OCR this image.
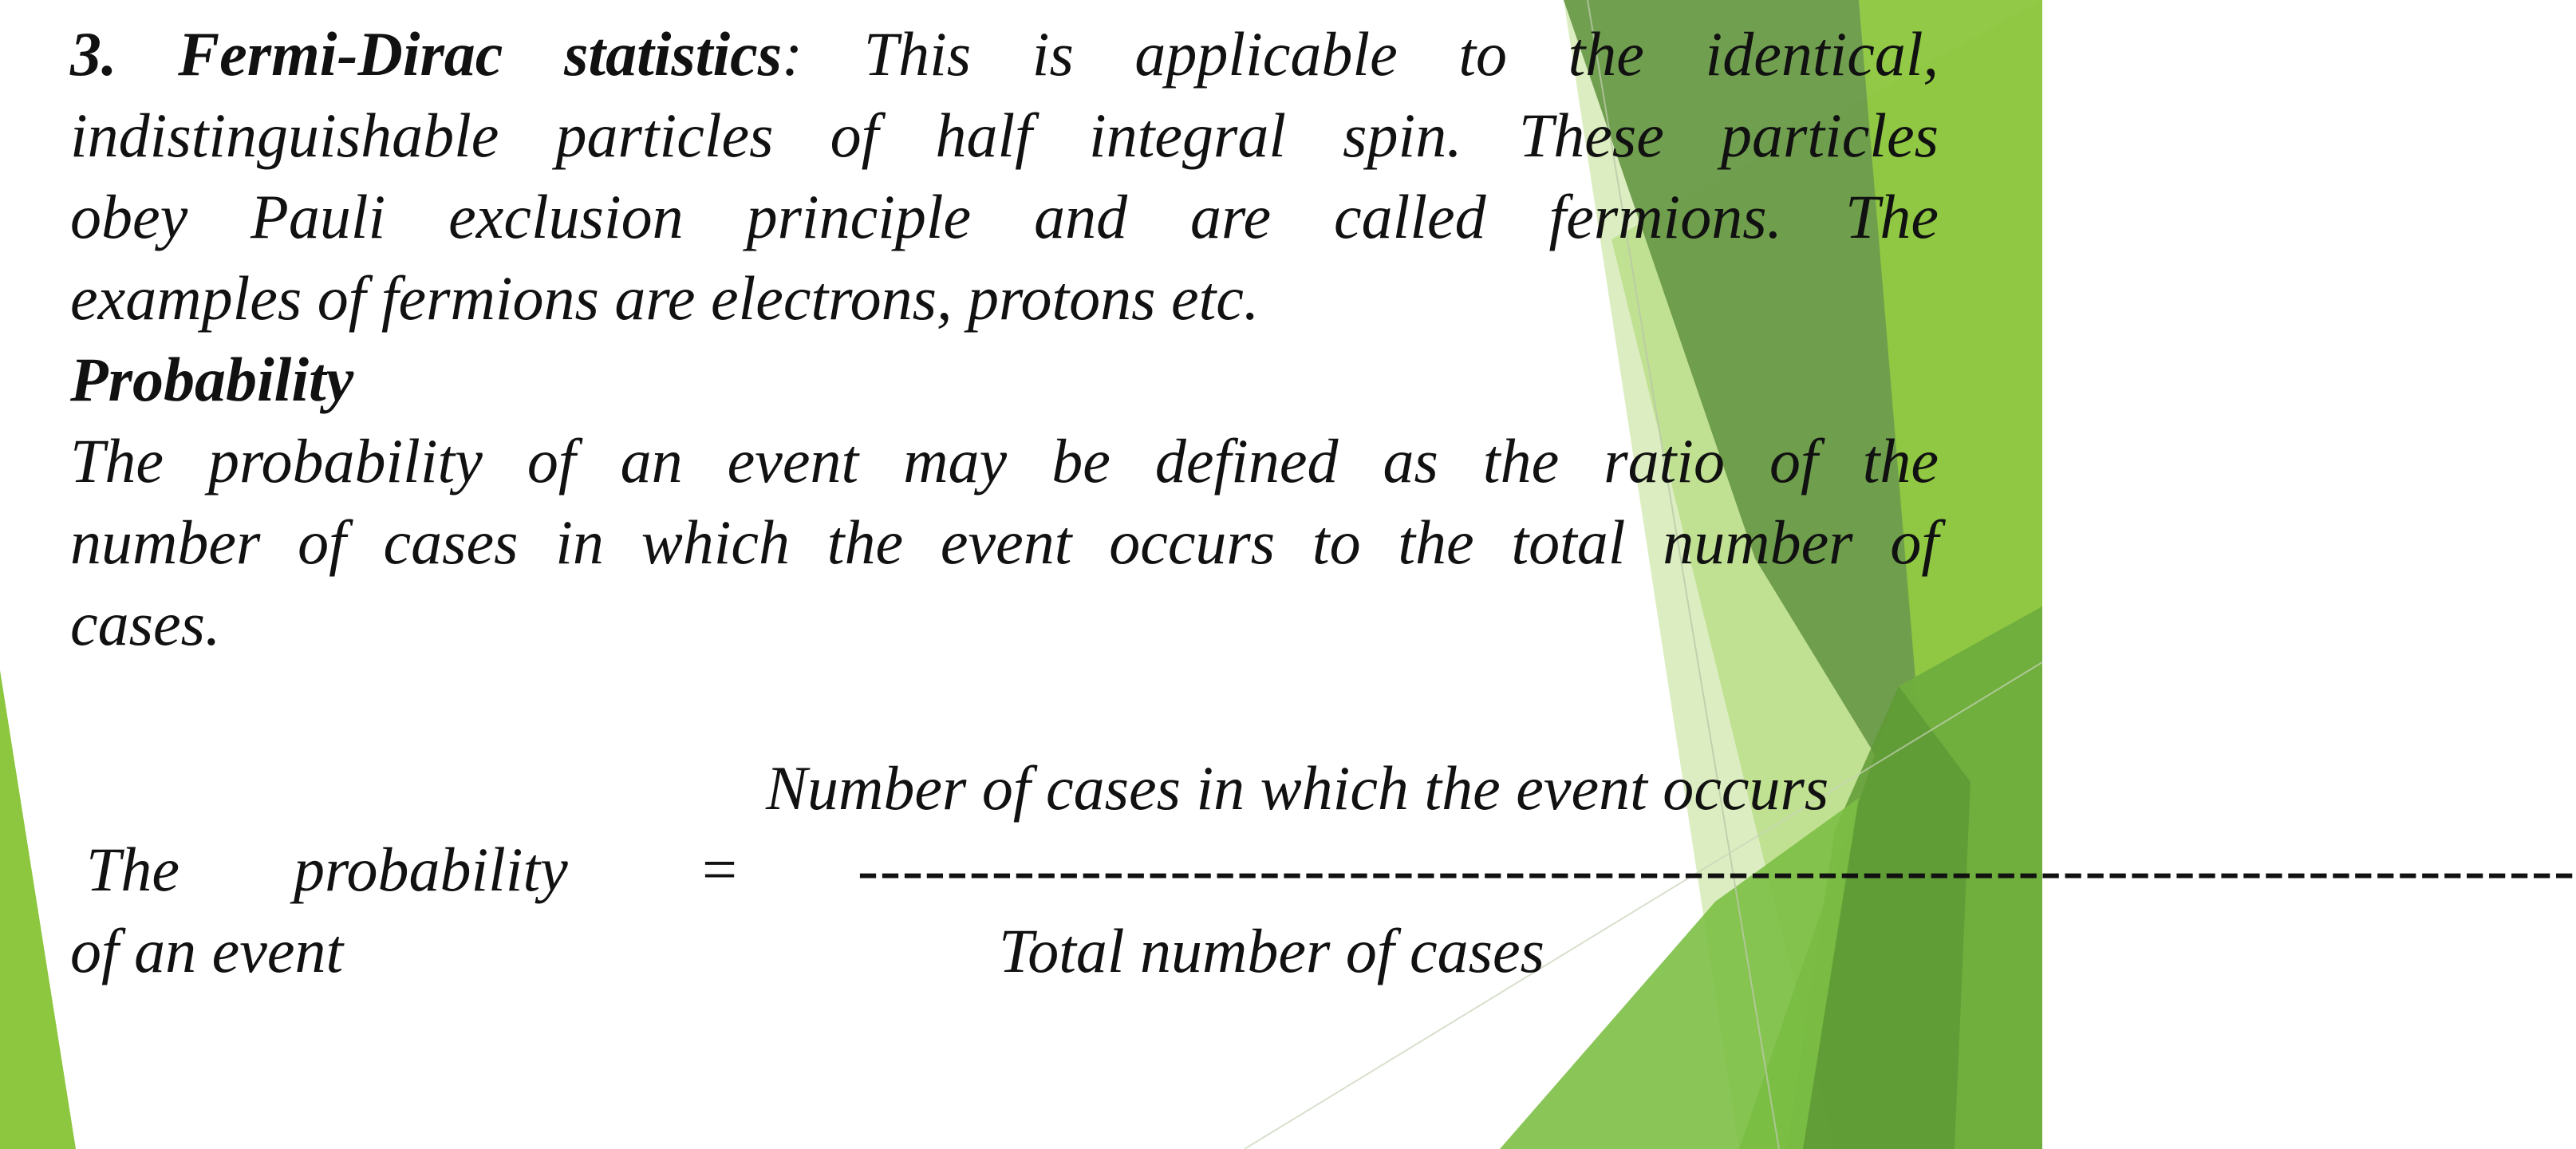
3. Fermi-Dirac statistics: This is applicable to the identical,
indistinguishable particles of half integral spin. These particles
obey Pauli exclusion principle and are called fermions. The
examples of fermions are electrons, protons etc.
Probability
The probability of an event may be defined as the ratio of the
number of cases in which the event occurs to the total number of
cases.
Number of cases in which the event occurs
The probability = -----------------------------------------------------------------------------
of an event	Total number of cases
